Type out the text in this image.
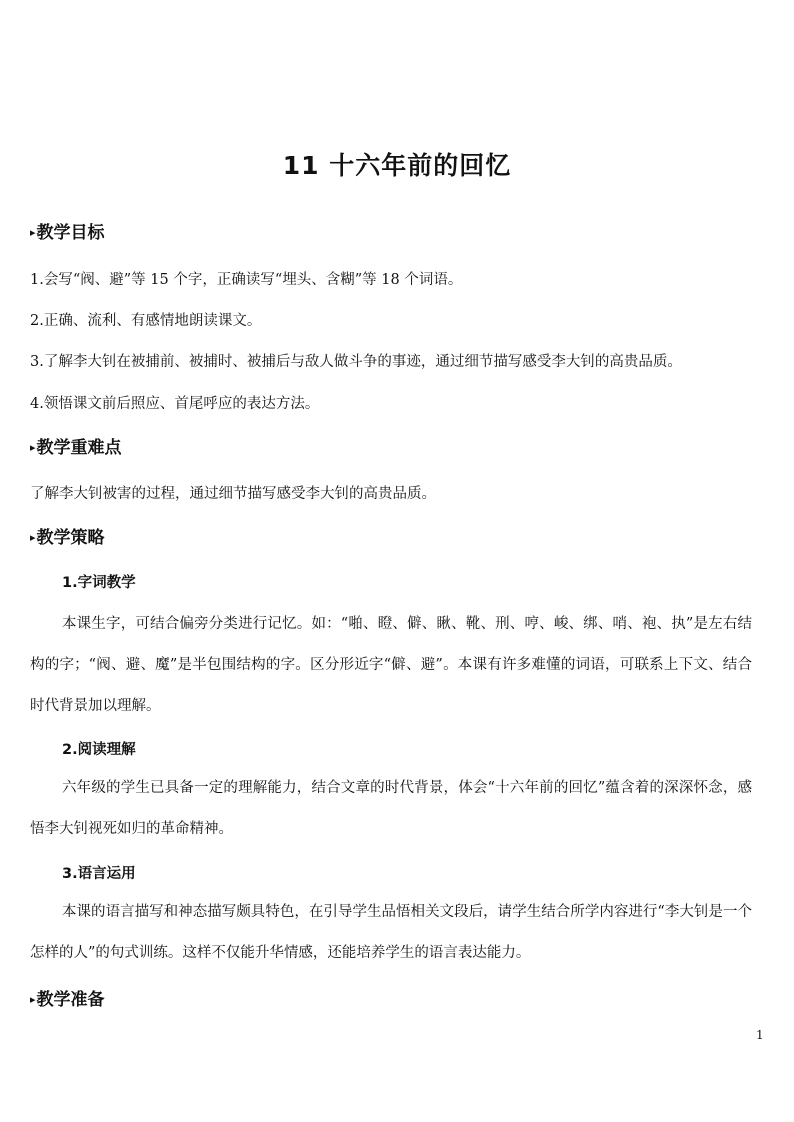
11 十六年前的回忆
▸教学目标
1.会写“阀、避”等 15 个字，正确读写“埋头、含糊”等 18 个词语。
2.正确、流利、有感情地朗读课文。
3.了解李大钊在被捕前、被捕时、被捕后与敌人做斗争的事迹，通过细节描写感受李大钊的高贵品质。
4.领悟课文前后照应、首尾呼应的表达方法。
▸教学重难点
了解李大钊被害的过程，通过细节描写感受李大钊的高贵品质。
▸教学策略
1.字词教学

本课生字，可结合偏旁分类进行记忆。如：“啪、瞪、僻、瞅、靴、刑、哼、峻、绑、哨、袍、执”是左右结构的字；“阀、避、魔”是半包围结构的字。区分形近字“僻、避”。本课有许多难懂的词语，可联系上下文、结合时代背景加以理解。

2.阅读理解

六年级的学生已具备一定的理解能力，结合文章的时代背景，体会“十六年前的回忆”蕴含着的深深怀念，感悟李大钊视死如归的革命精神。

3.语言运用

本课的语言描写和神态描写颇具特色，在引导学生品悟相关文段后，请学生结合所学内容进行“李大钊是一个怎样的人”的句式训练。这样不仅能升华情感，还能培养学生的语言表达能力。

▸教学准备
1
